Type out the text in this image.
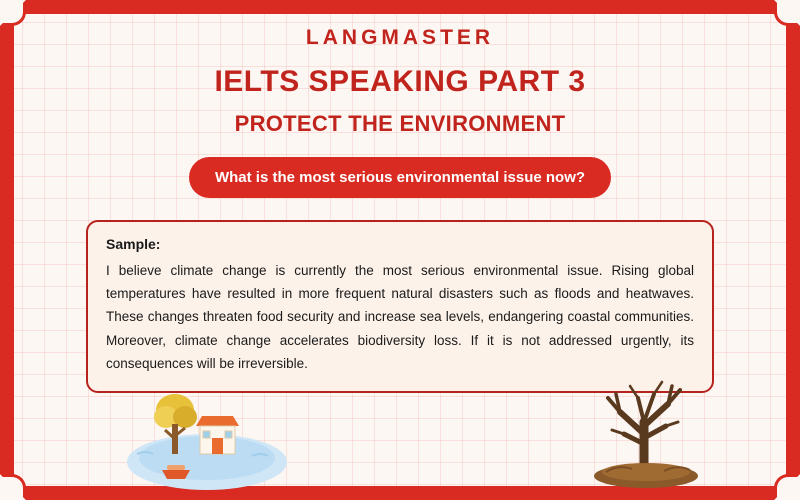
LANGMASTER
IELTS SPEAKING PART 3
PROTECT THE ENVIRONMENT
What is the most serious environmental issue now?
Sample:
I believe climate change is currently the most serious environmental issue. Rising global temperatures have resulted in more frequent natural disasters such as floods and heatwaves. These changes threaten food security and increase sea levels, endangering coastal communities. Moreover, climate change accelerates biodiversity loss. If it is not addressed urgently, its consequences will be irreversible.
